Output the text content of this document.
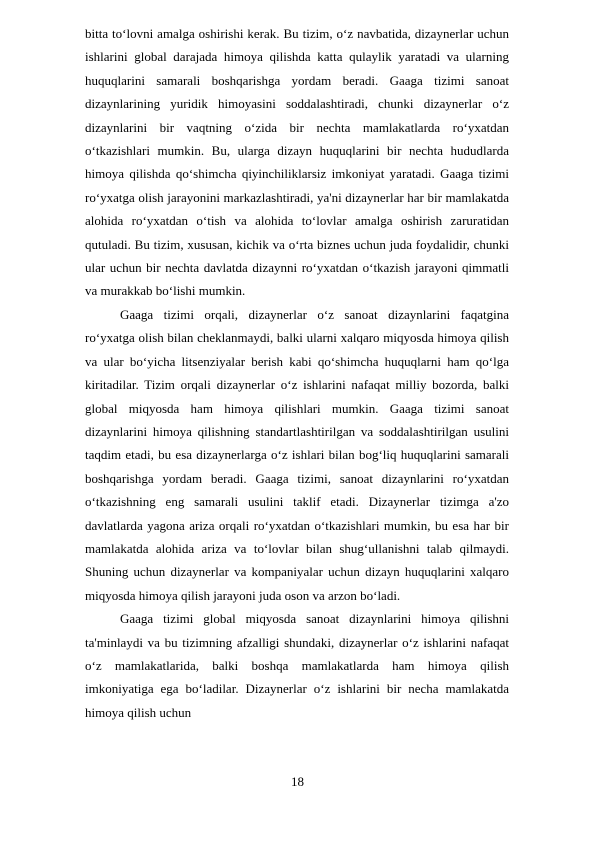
bitta to‘lovni amalga oshirishi kerak. Bu tizim, o‘z navbatida, dizaynerlar uchun ishlarini global darajada himoya qilishda katta qulaylik yaratadi va ularning huquqlarini samarali boshqarishga yordam beradi. Gaaga tizimi sanoat dizaynlarining yuridik himoyasini soddalashtiradi, chunki dizaynerlar o‘z dizaynlarini bir vaqtning o‘zida bir nechta mamlakatlarda ro‘yxatdan o‘tkazishlari mumkin. Bu, ularga dizayn huquqlarini bir nechta hududlarda himoya qilishda qo‘shimcha qiyinchiliklarsiz imkoniyat yaratadi. Gaaga tizimi ro‘yxatga olish jarayonini markazlashtiradi, ya'ni dizaynerlar har bir mamlakatda alohida ro‘yxatdan o‘tish va alohida to‘lovlar amalga oshirish zaruratidan qutuladi. Bu tizim, xususan, kichik va o‘rta biznes uchun juda foydalidir, chunki ular uchun bir nechta davlatda dizaynni ro‘yxatdan o‘tkazish jarayoni qimmatli va murakkab bo‘lishi mumkin.

Gaaga tizimi orqali, dizaynerlar o‘z sanoat dizaynlarini faqatgina ro‘yxatga olish bilan cheklanmaydi, balki ularni xalqaro miqyosda himoya qilish va ular bo‘yicha litsenziyalar berish kabi qo‘shimcha huquqlarni ham qo‘lga kiritadilar. Tizim orqali dizaynerlar o‘z ishlarini nafaqat milliy bozorda, balki global miqyosda ham himoya qilishlari mumkin. Gaaga tizimi sanoat dizaynlarini himoya qilishning standartlashtirilgan va soddalashtirilgan usulini taqdim etadi, bu esa dizaynerlarga o‘z ishlari bilan bog‘liq huquqlarini samarali boshqarishga yordam beradi. Gaaga tizimi, sanoat dizaynlarini ro‘yxatdan o‘tkazishning eng samarali usulini taklif etadi. Dizaynerlar tizimga a'zo davlatlarda yagona ariza orqali ro‘yxatdan o‘tkazishlari mumkin, bu esa har bir mamlakatda alohida ariza va to‘lovlar bilan shug‘ullanishni talab qilmaydi. Shuning uchun dizaynerlar va kompaniyalar uchun dizayn huquqlarini xalqaro miqyosda himoya qilish jarayoni juda oson va arzon bo‘ladi.

Gaaga tizimi global miqyosda sanoat dizaynlarini himoya qilishni ta'minlaydi va bu tizimning afzalligi shundaki, dizaynerlar o‘z ishlarini nafaqat o‘z mamlakatlarida, balki boshqa mamlakatlarda ham himoya qilish imkoniyatiga ega bo‘ladilar. Dizaynerlar o‘z ishlarini bir necha mamlakatda himoya qilish uchun

18
